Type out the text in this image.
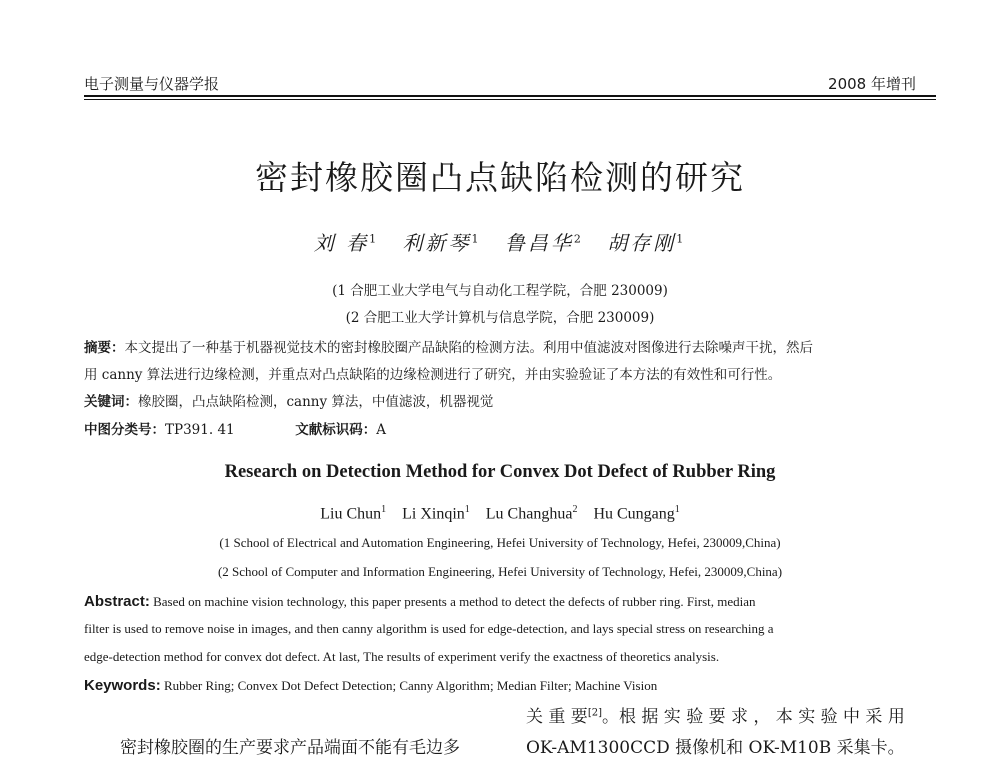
电子测量与仪器学报	2008 年增刊
密封橡胶圈凸点缺陷检测的研究
刘 春$^1$ 利新琴$^1$ 鲁昌华$^2$ 胡存刚$^1$
(1 合肥工业大学电气与自动化工程学院，合肥 230009)
(2 合肥工业大学计算机与信息学院，合肥 230009)
摘要：本文提出了一种基于机器视觉技术的密封橡胶圈产品缺陷的检测方法。利用中值滤波对图像进行去除噪声干扰，然后
用 canny 算法进行边缘检测，并重点对凸点缺陷的边缘检测进行了研究，并由实验验证了本方法的有效性和可行性。
关键词：橡胶圈，凸点缺陷检测，canny 算法，中值滤波，机器视觉
中图分类号：TP391. 41	文献标识码：A
Research on Detection Method for Convex Dot Defect of Rubber Ring
Liu Chun$^1$ Li Xinqin$^1$ Lu Changhua$^2$ Hu Cungang$^1$
(1 School of Electrical and Automation Engineering, Hefei University of Technology, Hefei, 230009,China)
(2 School of Computer and Information Engineering, Hefei University of Technology, Hefei, 230009,China)
Abstract: Based on machine vision technology, this paper presents a method to detect the defects of rubber ring. First, median
filter is used to remove noise in images, and then canny algorithm is used for edge-detection, and lays special stress on researching a
edge-detection method for convex dot defect. At last, The results of experiment verify the exactness of theoretics analysis.
Keywords: Rubber Ring; Convex Dot Defect Detection; Canny Algorithm; Median Filter; Machine Vision
关 重 要[2]。根 据 实 验 要 求 ， 本 实 验 中 采 用
OK-AM1300CCD 摄像机和 OK-M10B 采集卡。
密封橡胶圈的生产要求产品端面不能有毛边多
